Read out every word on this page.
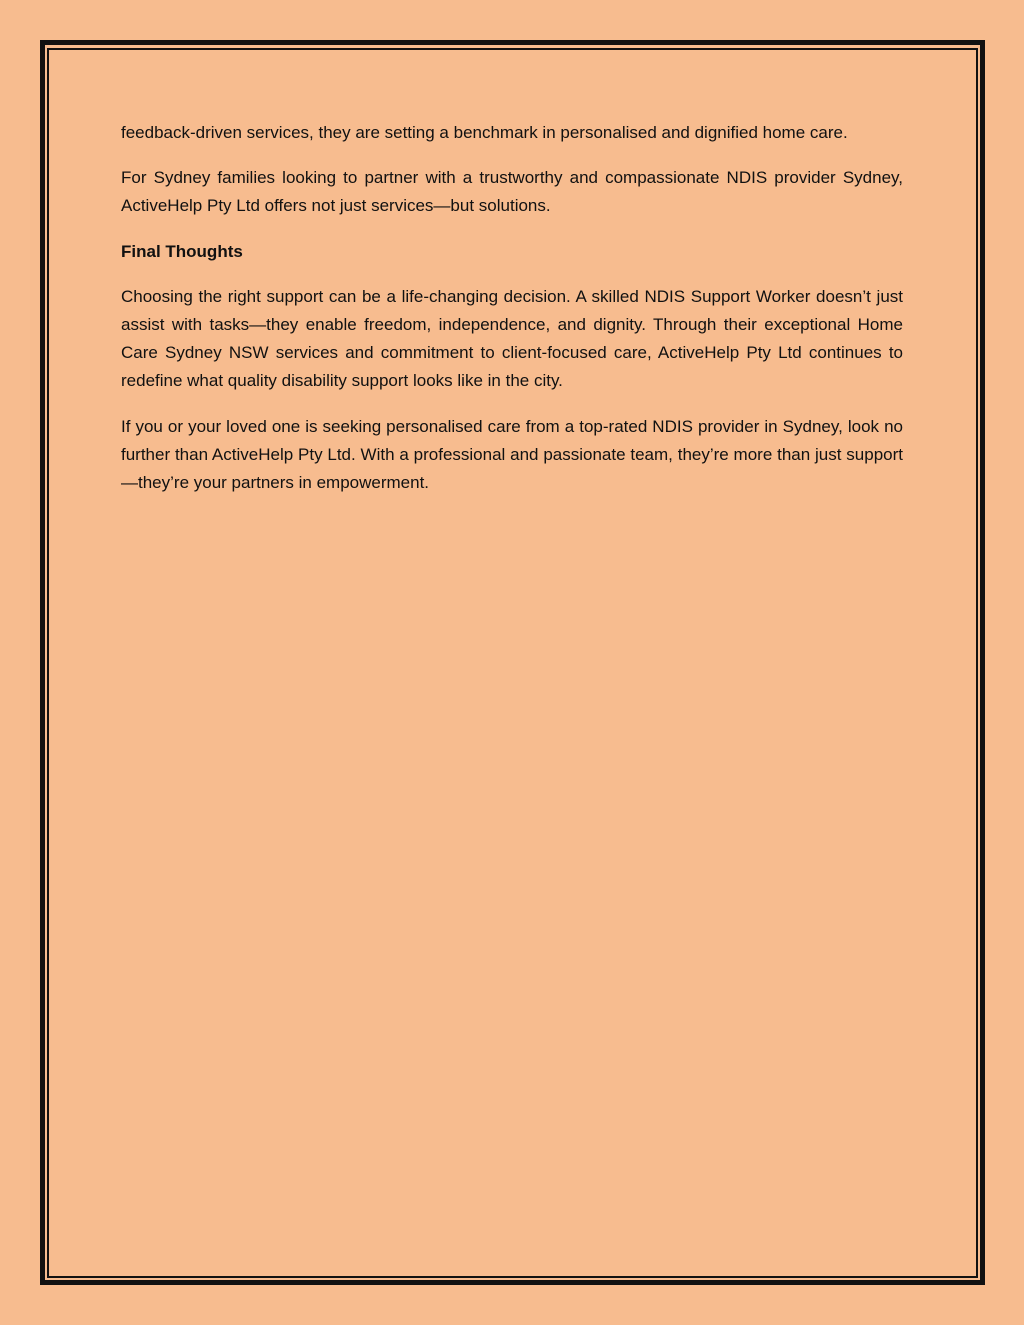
feedback-driven services, they are setting a benchmark in personalised and dignified home care.

For Sydney families looking to partner with a trustworthy and compassionate NDIS provider Sydney, ActiveHelp Pty Ltd offers not just services—but solutions.

Final Thoughts

Choosing the right support can be a life-changing decision. A skilled NDIS Support Worker doesn’t just assist with tasks—they enable freedom, independence, and dignity. Through their exceptional Home Care Sydney NSW services and commitment to client-focused care, ActiveHelp Pty Ltd continues to redefine what quality disability support looks like in the city.

If you or your loved one is seeking personalised care from a top-rated NDIS provider in Sydney, look no further than ActiveHelp Pty Ltd. With a professional and passionate team, they’re more than just support—they’re your partners in empowerment.
